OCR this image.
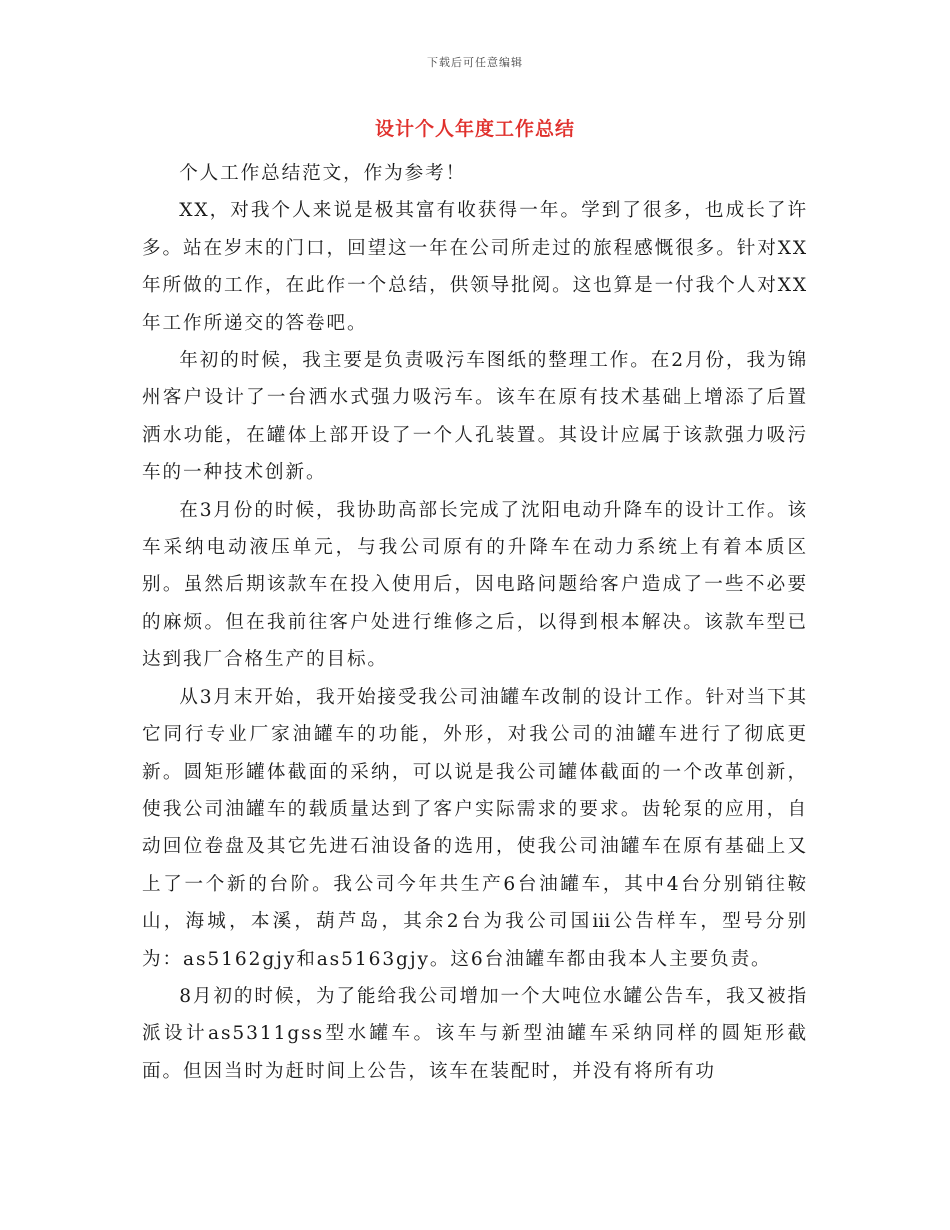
下载后可任意编辑
设计个人年度工作总结

个人工作总结范文，作为参考！

XX，对我个人来说是极其富有收获得一年。学到了很多，也成长了许多。站在岁末的门口，回望这一年在公司所走过的旅程感慨很多。针对XX年所做的工作，在此作一个总结，供领导批阅。这也算是一付我个人对XX年工作所递交的答卷吧。

年初的时候，我主要是负责吸污车图纸的整理工作。在2月份，我为锦州客户设计了一台洒水式强力吸污车。该车在原有技术基础上增添了后置洒水功能，在罐体上部开设了一个人孔装置。其设计应属于该款强力吸污车的一种技术创新。

在3月份的时候，我协助高部长完成了沈阳电动升降车的设计工作。该车采纳电动液压单元，与我公司原有的升降车在动力系统上有着本质区别。虽然后期该款车在投入使用后，因电路问题给客户造成了一些不必要的麻烦。但在我前往客户处进行维修之后，以得到根本解决。该款车型已达到我厂合格生产的目标。

从3月末开始，我开始接受我公司油罐车改制的设计工作。针对当下其它同行专业厂家油罐车的功能，外形，对我公司的油罐车进行了彻底更新。圆矩形罐体截面的采纳，可以说是我公司罐体截面的一个改革创新，使我公司油罐车的载质量达到了客户实际需求的要求。齿轮泵的应用，自动回位卷盘及其它先进石油设备的选用，使我公司油罐车在原有基础上又上了一个新的台阶。我公司今年共生产6台油罐车，其中4台分别销往鞍山，海城，本溪，葫芦岛，其余2台为我公司国ⅲ公告样车，型号分别为：as5162gjy和as5163gjy。这6台油罐车都由我本人主要负责。

8月初的时候，为了能给我公司增加一个大吨位水罐公告车，我又被指派设计as5311gss型水罐车。该车与新型油罐车采纳同样的圆矩形截面。但因当时为赶时间上公告，该车在装配时，并没有将所有功
